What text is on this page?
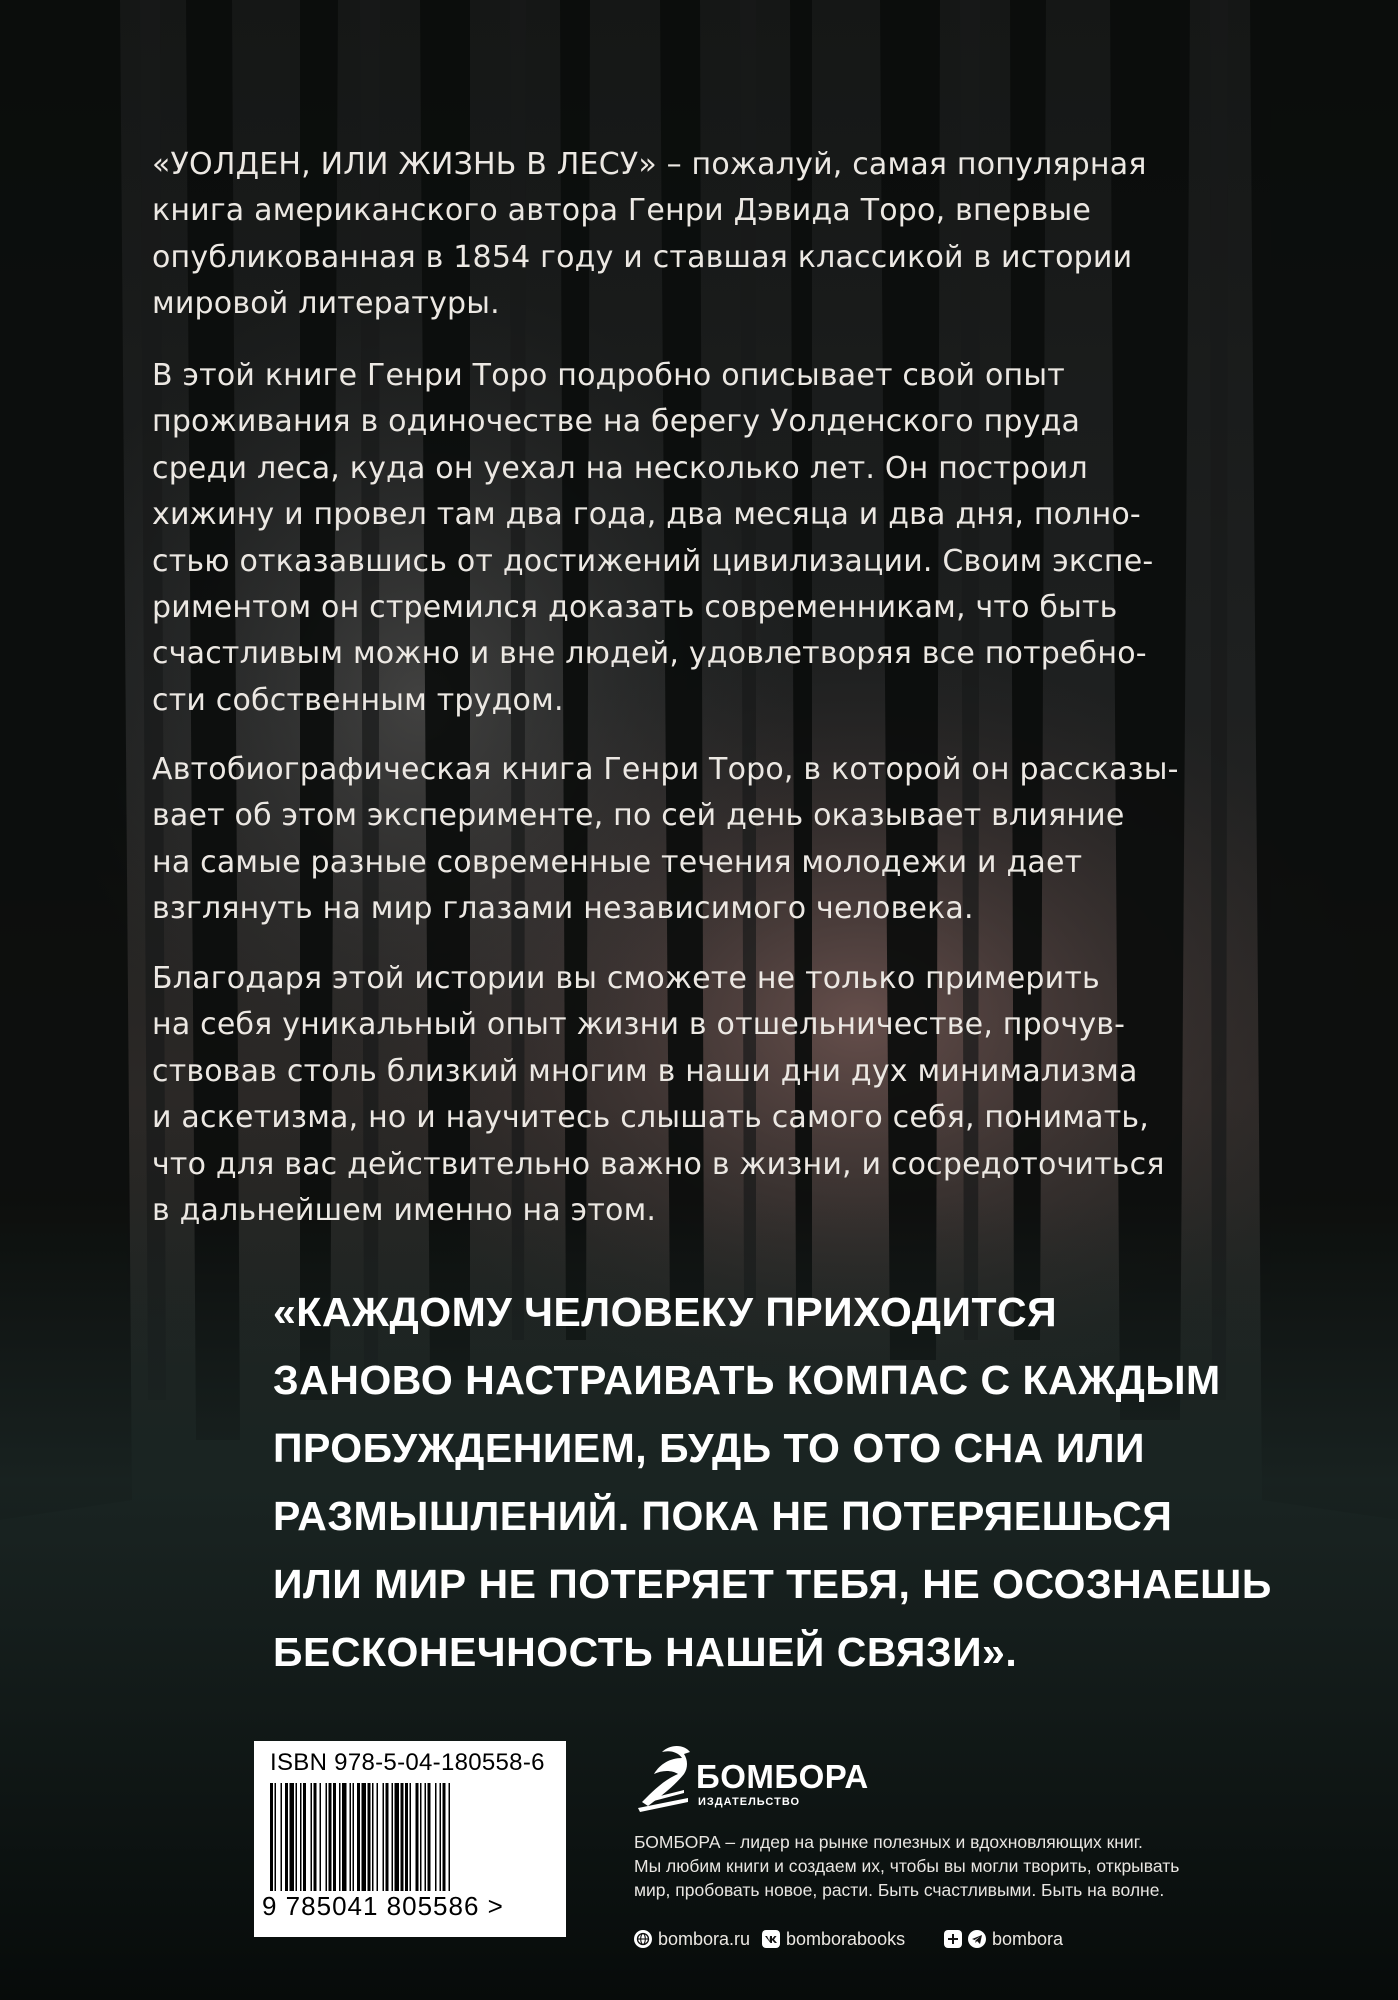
«УОЛДЕН, ИЛИ ЖИЗНЬ В ЛЕСУ» – пожалуй, самая популярная
книга американского автора Генри Дэвида Торо, впервые
опубликованная в 1854 году и ставшая классикой в истории
мировой литературы.

В этой книге Генри Торо подробно описывает свой опыт
проживания в одиночестве на берегу Уолденского пруда
среди леса, куда он уехал на несколько лет. Он построил
хижину и провел там два года, два месяца и два дня, полно-
стью отказавшись от достижений цивилизации. Своим экспе-
риментом он стремился доказать современникам, что быть
счастливым можно и вне людей, удовлетворяя все потребно-
сти собственным трудом.

Автобиографическая книга Генри Торо, в которой он рассказы-
вает об этом эксперименте, по сей день оказывает влияние
на самые разные современные течения молодежи и дает
взглянуть на мир глазами независимого человека.

Благодаря этой истории вы сможете не только примерить
на себя уникальный опыт жизни в отшельничестве, прочув-
ствовав столь близкий многим в наши дни дух минимализма
и аскетизма, но и научитесь слышать самого себя, понимать,
что для вас действительно важно в жизни, и сосредоточиться
в дальнейшем именно на этом.

«КАЖДОМУ ЧЕЛОВЕКУ ПРИХОДИТСЯ
ЗАНОВО НАСТРАИВАТЬ КОМПАС С КАЖДЫМ
ПРОБУЖДЕНИЕМ, БУДЬ ТО ОТО СНА ИЛИ
РАЗМЫШЛЕНИЙ. ПОКА НЕ ПОТЕРЯЕШЬСЯ
ИЛИ МИР НЕ ПОТЕРЯЕТ ТЕБЯ, НЕ ОСОЗНАЕШЬ
БЕСКОНЕЧНОСТЬ НАШЕЙ СВЯЗИ».

ISBN 978-5-04-180558-6
9 785041 805586 >
БОМБОРА
ИЗДАТЕЛЬСТВО

БОМБОРА – лидер на рынке полезных и вдохновляющих книг.
Мы любим книги и создаем их, чтобы вы могли творить, открывать
мир, пробовать новое, расти. Быть счастливыми. Быть на волне.

bombora.ru bomborabooks	bombora
